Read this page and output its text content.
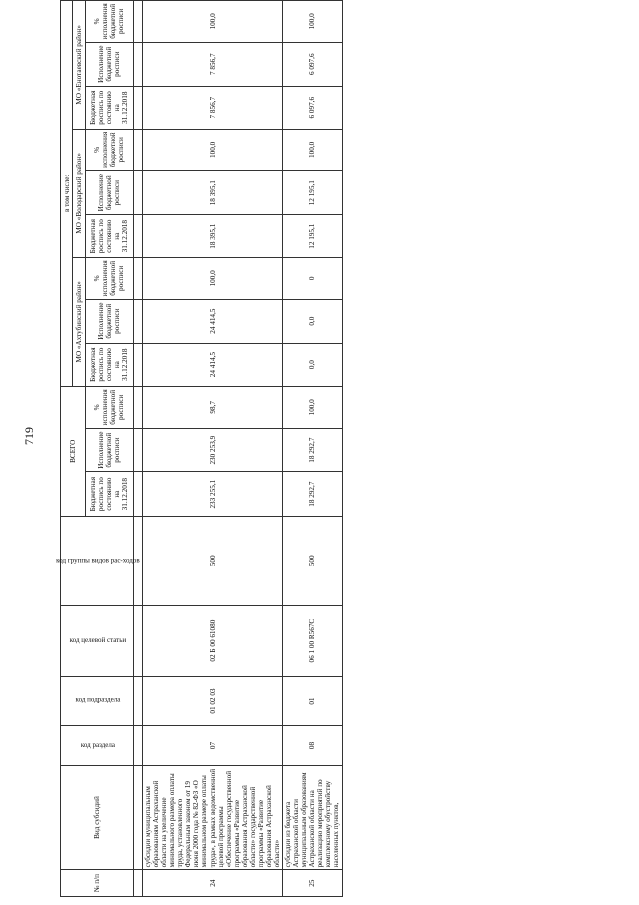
719
№ п/п	Вид субсидий	код раздела	код подраздела	код целевой статьи	код группы видов рас-ходов	ВСЕГО			в том числе:								
									МО «Ахтубинский район»			МО «Володарский район»			МО «Енотаевский район»		
						Бюджетная роспись по состоянию на 31.12.2018	Исполнение бюджетной росписи	% исполнения бюджетной росписи	Бюджетная роспись по состоянию на 31.12.2018	Исполнение бюджетной росписи	% исполнения бюджетной росписи	Бюджетная роспись по состоянию на 31.12.2018	Исполнение бюджетной росписи	% исполнения бюджетной росписи	Бюджетная роспись по состоянию на 31.12.2018	Исполнение бюджетной росписи	% исполнения бюджетной росписи

24	субсидии муниципальным образованиям Астраханской области на увеличение минимального размера оплаты труда, установленного Федеральным законом от 19 июня 2000 года № 82-ФЗ «О минимальном размере оплаты труда», в рамках ведомственной целевой программы «Обеспечение государственной программы «Развитие образования Астраханской области» государственной программы «Развитие образования Астраханской области»	07	01 02 03	02 Б 00 61080	500	233 255,1	230 253,9	98,7	24 414,5	24 414,5	100,0	18 395,1	18 395,1	100,0	7 856,7	7 856,7	100,0
25	субсидии из бюджета Астраханской области муниципальным образованиям Астраханской области на реализацию мероприятий по комплексному обустройству населенных пунктов,	08	01	06 1 00 R567C	500	18 292,7	18 292,7	100,0	0,0	0,0	0	12 195,1	12 195,1	100,0	6 097,6	6 097,6	100,0
